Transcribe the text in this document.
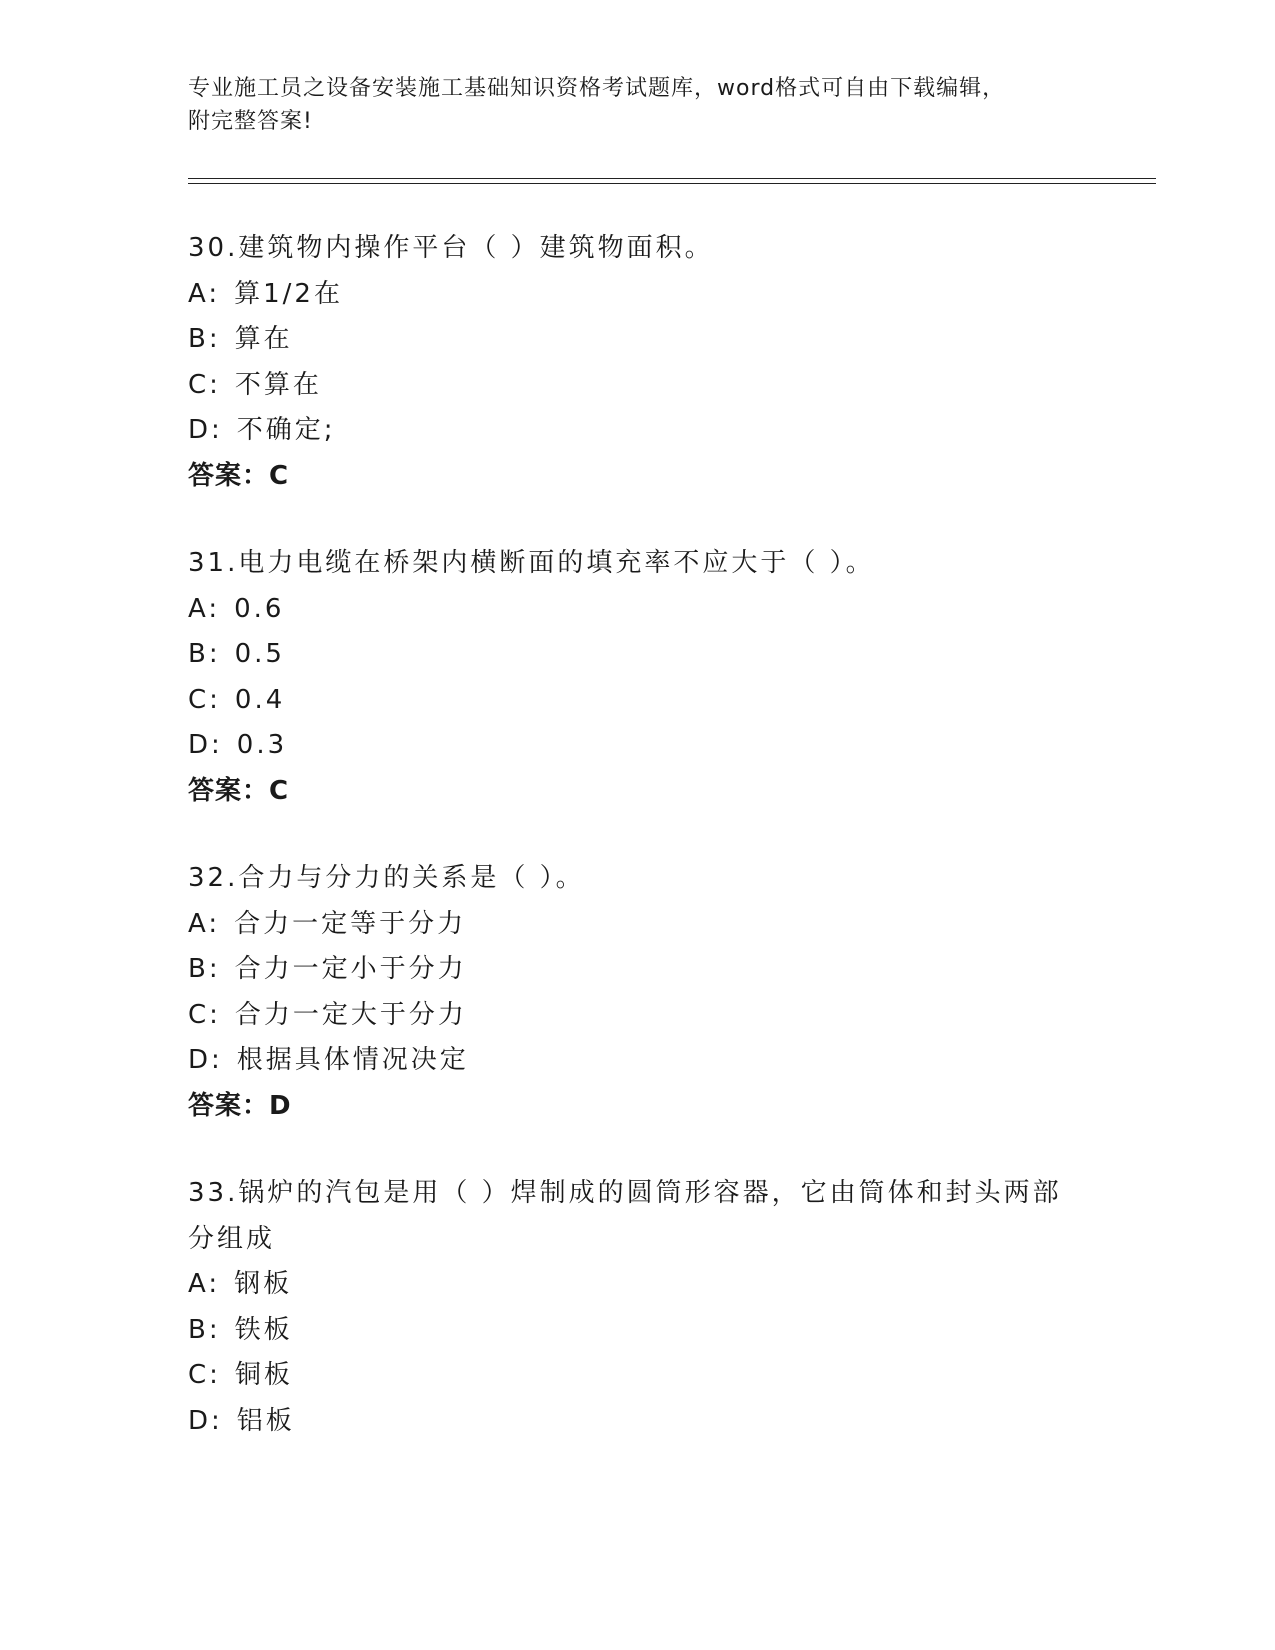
专业施工员之设备安装施工基础知识资格考试题库，word格式可自由下载编辑，
附完整答案!
30.建筑物内操作平台（ ）建筑物面积。
A: 算1/2在
B: 算在
C: 不算在
D: 不确定;
答案：C
31.电力电缆在桥架内横断面的填充率不应大于（ ）。
A: 0.6
B: 0.5
C: 0.4
D: 0.3
答案：C
32.合力与分力的关系是（ ）。
A: 合力一定等于分力
B: 合力一定小于分力
C: 合力一定大于分力
D: 根据具体情况决定
答案：D
33.锅炉的汽包是用（ ）焊制成的圆筒形容器，它由筒体和封头两部
分组成
A: 钢板
B: 铁板
C: 铜板
D: 铝板
